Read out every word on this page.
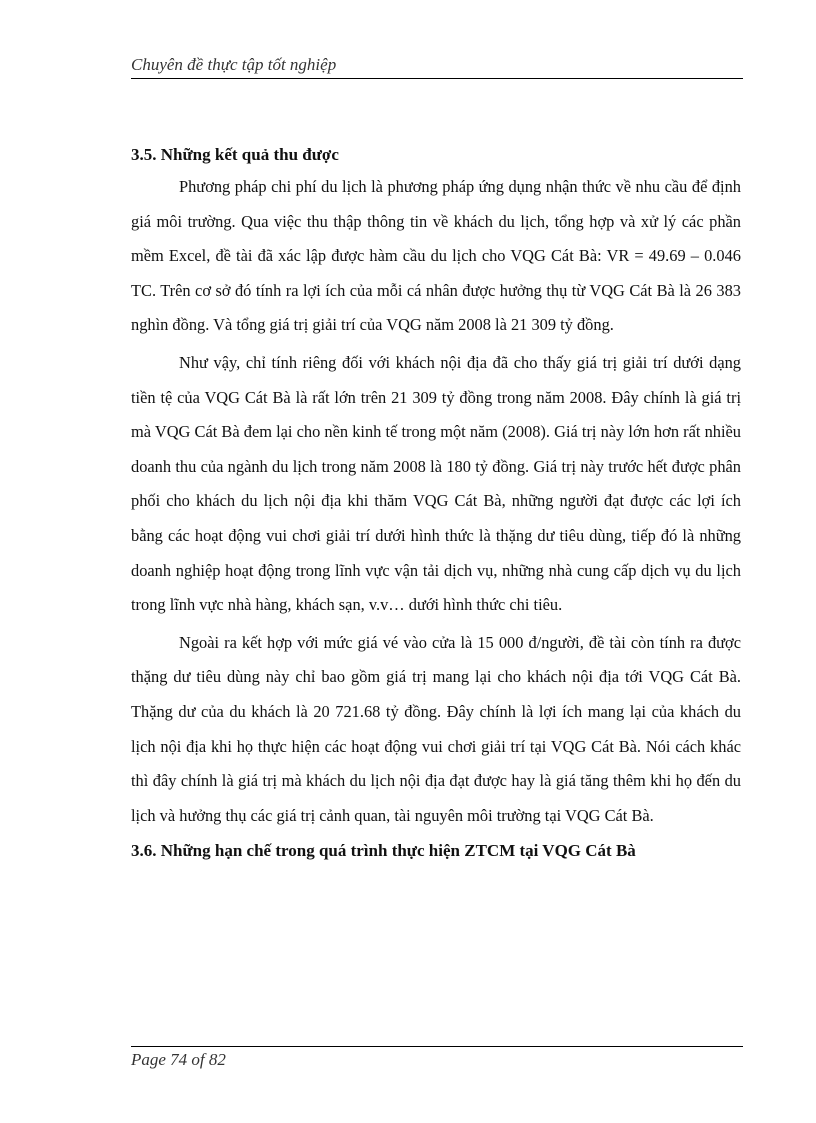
Chuyên đề thực tập tốt nghiệp
3.5. Những kết quả thu được

Phương pháp chi phí du lịch là phương pháp ứng dụng nhận thức về nhu cầu để định giá môi trường. Qua việc thu thập thông tin về khách du lịch, tổng hợp và xử lý các phần mềm Excel, đề tài đã xác lập được hàm cầu du lịch cho VQG Cát Bà: VR = 49.69 – 0.046 TC. Trên cơ sở đó tính ra lợi ích của mỗi cá nhân được hưởng thụ từ VQG Cát Bà là 26 383 nghìn đồng. Và tổng giá trị giải trí của VQG năm 2008 là 21 309 tỷ đồng.

Như vậy, chỉ tính riêng đối với khách nội địa đã cho thấy giá trị giải trí dưới dạng tiền tệ của VQG Cát Bà là rất lớn trên 21 309 tỷ đồng trong năm 2008. Đây chính là giá trị mà VQG Cát Bà đem lại cho nền kinh tế trong một năm (2008). Giá trị này lớn hơn rất nhiều doanh thu của ngành du lịch trong năm 2008 là 180 tỷ đồng. Giá trị này trước hết được phân phối cho khách du lịch nội địa khi thăm VQG Cát Bà, những người đạt được các lợi ích bằng các hoạt động vui chơi giải trí dưới hình thức là thặng dư tiêu dùng, tiếp đó là những doanh nghiệp hoạt động trong lĩnh vực vận tải dịch vụ, những nhà cung cấp dịch vụ du lịch trong lĩnh vực nhà hàng, khách sạn, v.v… dưới hình thức chi tiêu.

Ngoài ra kết hợp với mức giá vé vào cửa là 15 000 đ/người, đề tài còn tính ra được thặng dư tiêu dùng này chỉ bao gồm giá trị mang lại cho khách nội địa tới VQG Cát Bà. Thặng dư của du khách là 20 721.68 tỷ đồng. Đây chính là lợi ích mang lại của khách du lịch nội địa khi họ thực hiện các hoạt động vui chơi giải trí tại VQG Cát Bà. Nói cách khác thì đây chính là giá trị mà khách du lịch nội địa đạt được hay là giá tăng thêm khi họ đến du lịch và hưởng thụ các giá trị cảnh quan, tài nguyên môi trường tại VQG Cát Bà.

3.6. Những hạn chế trong quá trình thực hiện ZTCM tại VQG Cát Bà
Page 74 of 82
